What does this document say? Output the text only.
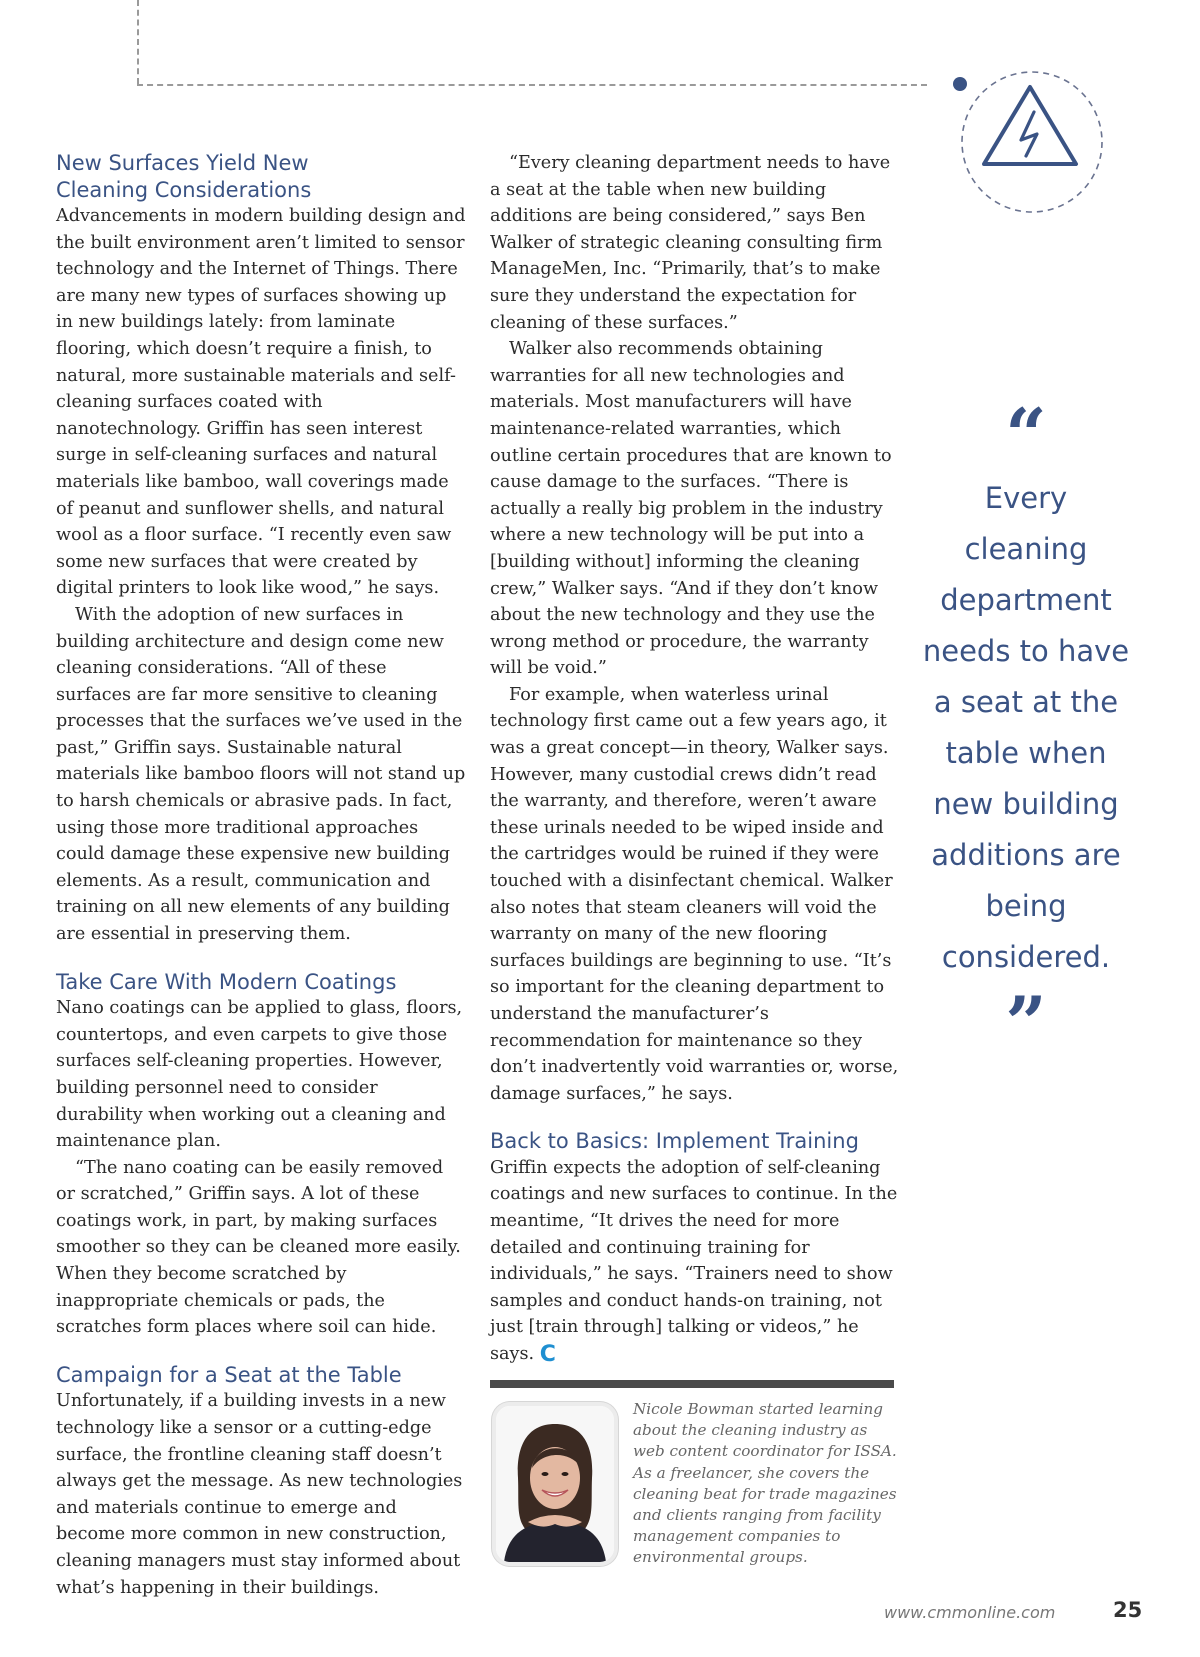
New Surfaces Yield New
Cleaning Considerations

Advancements in modern building design and the built environment aren’t limited to sensor technology and the Internet of Things. There are many new types of surfaces showing up in new buildings lately: from laminate flooring, which doesn’t require a finish, to natural, more sustainable materials and self-cleaning surfaces coated with nanotechnology. Griffin has seen interest surge in self-cleaning surfaces and natural materials like bamboo, wall coverings made of peanut and sunflower shells, and natural wool as a floor surface. “I recently even saw some new surfaces that were created by digital printers to look like wood,” he says.

With the adoption of new surfaces in building architecture and design come new cleaning considerations. “All of these surfaces are far more sensitive to cleaning processes that the surfaces we’ve used in the past,” Griffin says. Sustainable natural materials like bamboo floors will not stand up to harsh chemicals or abrasive pads. In fact, using those more traditional approaches could damage these expensive new building elements. As a result, communication and training on all new elements of any building are essential in preserving them.

Take Care With Modern Coatings

Nano coatings can be applied to glass, floors, countertops, and even carpets to give those surfaces self-cleaning properties. However, building personnel need to consider durability when working out a cleaning and maintenance plan.

“The nano coating can be easily removed or scratched,” Griffin says. A lot of these coatings work, in part, by making surfaces smoother so they can be cleaned more easily. When they become scratched by inappropriate chemicals or pads, the scratches form places where soil can hide.

Campaign for a Seat at the Table

Unfortunately, if a building invests in a new technology like a sensor or a cutting-edge surface, the frontline cleaning staff doesn’t always get the message. As new technologies and materials continue to emerge and become more common in new construction, cleaning managers must stay informed about what’s happening in their buildings.

“Every cleaning department needs to have a seat at the table when new building additions are being considered,” says Ben Walker of strategic cleaning consulting firm ManageMen, Inc. “Primarily, that’s to make sure they understand the expectation for cleaning of these surfaces.”

Walker also recommends obtaining warranties for all new technologies and materials. Most manufacturers will have maintenance-related warranties, which outline certain procedures that are known to cause damage to the surfaces. “There is actually a really big problem in the industry where a new technology will be put into a [building without] informing the cleaning crew,” Walker says. “And if they don’t know about the new technology and they use the wrong method or procedure, the warranty will be void.”

For example, when waterless urinal technology first came out a few years ago, it was a great concept—in theory, Walker says. However, many custodial crews didn’t read the warranty, and therefore, weren’t aware these urinals needed to be wiped inside and the cartridges would be ruined if they were touched with a disinfectant chemical. Walker also notes that steam cleaners will void the warranty on many of the new flooring surfaces buildings are beginning to use. “It’s so important for the cleaning department to understand the manufacturer’s recommendation for maintenance so they don’t inadvertently void warranties or, worse, damage surfaces,” he says.

Back to Basics: Implement Training

Griffin expects the adoption of self-cleaning coatings and new surfaces to continue. In the meantime, “It drives the need for more detailed and continuing training for individuals,” he says. “Trainers need to show samples and conduct hands-on training, not just [train through] talking or videos,” he says. C

“
Every cleaning department needs to have a seat at the table when new building additions are being considered.
”

Nicole Bowman started learning about the cleaning industry as web content coordinator for ISSA. As a freelancer, she covers the cleaning beat for trade magazines and clients ranging from facility management companies to environmental groups.

www.cmmonline.com	25
